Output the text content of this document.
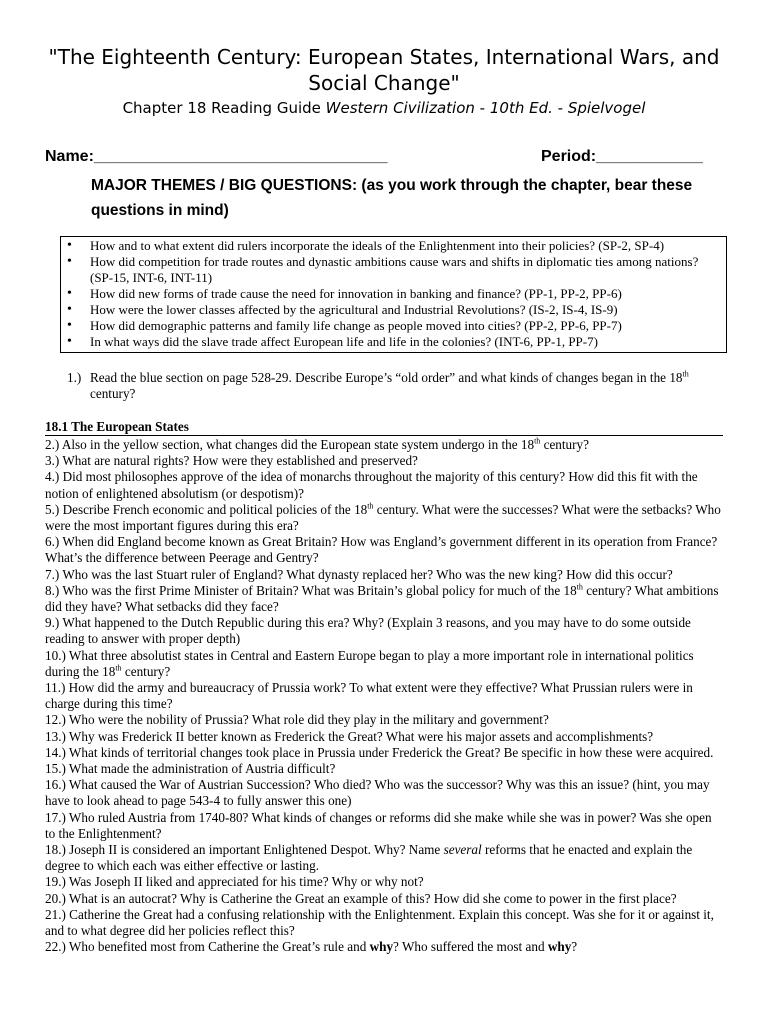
"The Eighteenth Century: European States, International Wars, and Social Change"
Chapter 18 Reading Guide Western Civilization - 10th Ed. - Spielvogel
Name:_________________________________	Period:____________
MAJOR THEMES / BIG QUESTIONS: (as you work through the chapter, bear these questions in mind)
• How and to what extent did rulers incorporate the ideals of the Enlightenment into their policies? (SP-2, SP-4)
• How did competition for trade routes and dynastic ambitions cause wars and shifts in diplomatic ties among nations? (SP-15, INT-6, INT-11)
• How did new forms of trade cause the need for innovation in banking and finance? (PP-1, PP-2, PP-6)
• How were the lower classes affected by the agricultural and Industrial Revolutions? (IS-2, IS-4, IS-9)
• How did demographic patterns and family life change as people moved into cities? (PP-2, PP-6, PP-7)
• In what ways did the slave trade affect European life and life in the colonies? (INT-6, PP-1, PP-7)
1.) Read the blue section on page 528-29. Describe Europe’s “old order” and what kinds of changes began in the 18th century?
18.1 The European States

2.) Also in the yellow section, what changes did the European state system undergo in the 18th century?

3.) What are natural rights? How were they established and preserved?

4.) Did most philosophes approve of the idea of monarchs throughout the majority of this century? How did this fit with the notion of enlightened absolutism (or despotism)?

5.) Describe French economic and political policies of the 18th century. What were the successes? What were the setbacks? Who were the most important figures during this era?

6.) When did England become known as Great Britain? How was England’s government different in its operation from France? What’s the difference between Peerage and Gentry?

7.) Who was the last Stuart ruler of England? What dynasty replaced her? Who was the new king? How did this occur?

8.) Who was the first Prime Minister of Britain? What was Britain’s global policy for much of the 18th century? What ambitions did they have? What setbacks did they face?

9.) What happened to the Dutch Republic during this era? Why? (Explain 3 reasons, and you may have to do some outside reading to answer with proper depth)

10.) What three absolutist states in Central and Eastern Europe began to play a more important role in international politics during the 18th century?

11.) How did the army and bureaucracy of Prussia work? To what extent were they effective? What Prussian rulers were in charge during this time?

12.) Who were the nobility of Prussia? What role did they play in the military and government?

13.) Why was Frederick II better known as Frederick the Great? What were his major assets and accomplishments?

14.) What kinds of territorial changes took place in Prussia under Frederick the Great? Be specific in how these were acquired.

15.) What made the administration of Austria difficult?

16.) What caused the War of Austrian Succession? Who died? Who was the successor? Why was this an issue? (hint, you may have to look ahead to page 543-4 to fully answer this one)

17.) Who ruled Austria from 1740-80? What kinds of changes or reforms did she make while she was in power? Was she open to the Enlightenment?

18.) Joseph II is considered an important Enlightened Despot. Why? Name several reforms that he enacted and explain the degree to which each was either effective or lasting.

19.) Was Joseph II liked and appreciated for his time? Why or why not?

20.) What is an autocrat? Why is Catherine the Great an example of this? How did she come to power in the first place?

21.) Catherine the Great had a confusing relationship with the Enlightenment. Explain this concept. Was she for it or against it, and to what degree did her policies reflect this?

22.) Who benefited most from Catherine the Great’s rule and why? Who suffered the most and why?
